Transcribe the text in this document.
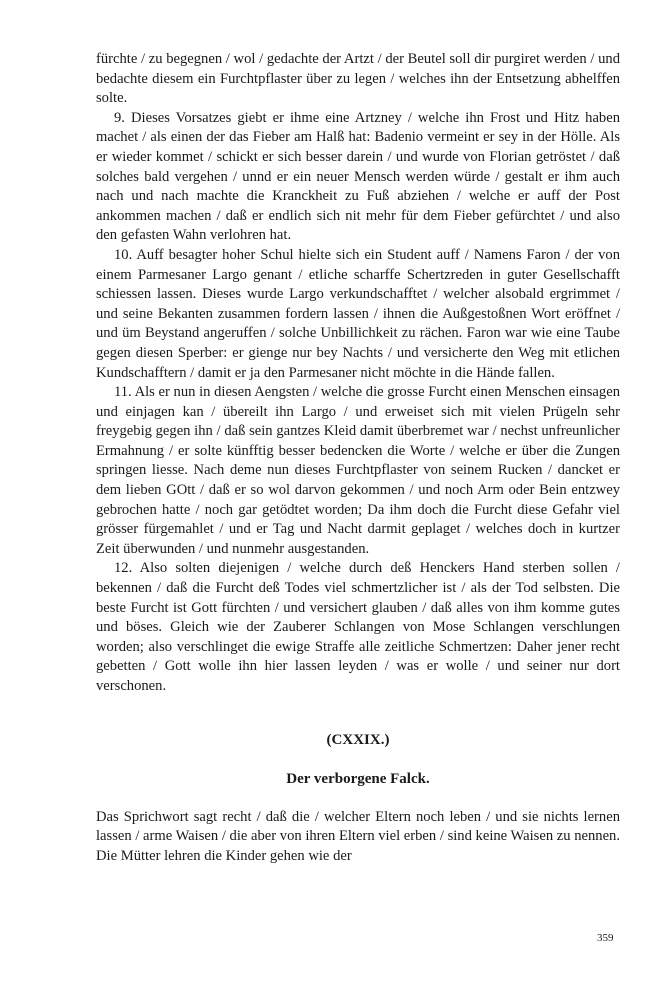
fürchte / zu begegnen / wol / gedachte der Artzt / der Beutel soll dir purgiret werden / und bedachte diesem ein Furchtpflaster über zu legen / welches ihn der Entsetzung abhelffen solte.

9. Dieses Vorsatzes giebt er ihme eine Artzney / welche ihn Frost und Hitz haben machet / als einen der das Fieber am Halß hat: Badenio vermeint er sey in der Hölle. Als er wieder kommet / schickt er sich besser darein / und wurde von Florian getröstet / daß solches bald vergehen / unnd er ein neuer Mensch werden würde / gestalt er ihm auch nach und nach machte die Kranckheit zu Fuß abziehen / welche er auff der Post ankommen machen / daß er endlich sich nit mehr für dem Fieber gefürchtet / und also den gefasten Wahn verlohren hat.

10. Auff besagter hoher Schul hielte sich ein Student auff / Namens Faron / der von einem Parmesaner Largo genant / etliche scharffe Schertzreden in guter Gesellschafft schiessen lassen. Dieses wurde Largo verkundschafftet / welcher alsobald ergrimmet / und seine Bekanten zusammen fordern lassen / ihnen die Außgestoßnen Wort eröffnet / und üm Beystand angeruffen / solche Unbillichkeit zu rächen. Faron war wie eine Taube gegen diesen Sperber: er gienge nur bey Nachts / und versicherte den Weg mit etlichen Kundschafftern / damit er ja den Parmesaner nicht möchte in die Hände fallen.

11. Als er nun in diesen Aengsten / welche die grosse Furcht einen Menschen einsagen und einjagen kan / übereilt ihn Largo / und erweiset sich mit vielen Prügeln sehr freygebig gegen ihn / daß sein gantzes Kleid damit überbremet war / nechst unfreunlicher Ermahnung / er solte künfftig besser bedencken die Worte / welche er über die Zungen springen liesse. Nach deme nun dieses Furchtpflaster von seinem Rucken / dancket er dem lieben GOtt / daß er so wol darvon gekommen / und noch Arm oder Bein entzwey gebrochen hatte / noch gar getödtet worden; Da ihm doch die Furcht diese Gefahr viel grösser fürgemahlet / und er Tag und Nacht darmit geplaget / welches doch in kurtzer Zeit überwunden / und nunmehr ausgestanden.

12. Also solten diejenigen / welche durch deß Henckers Hand sterben sollen / bekennen / daß die Furcht deß Todes viel schmertzlicher ist / als der Tod selbsten. Die beste Furcht ist Gott fürchten / und versichert glauben / daß alles von ihm komme gutes und böses. Gleich wie der Zauberer Schlangen von Mose Schlangen verschlungen worden; also verschlinget die ewige Straffe alle zeitliche Schmertzen: Daher jener recht gebetten / Gott wolle ihn hier lassen leyden / was er wolle / und seiner nur dort verschonen.

(CXXIX.)
Der verborgene Falck.

Das Sprichwort sagt recht / daß die / welcher Eltern noch leben / und sie nichts lernen lassen / arme Waisen / die aber von ihren Eltern viel erben / sind keine Waisen zu nennen. Die Mütter lehren die Kinder gehen wie der

359
